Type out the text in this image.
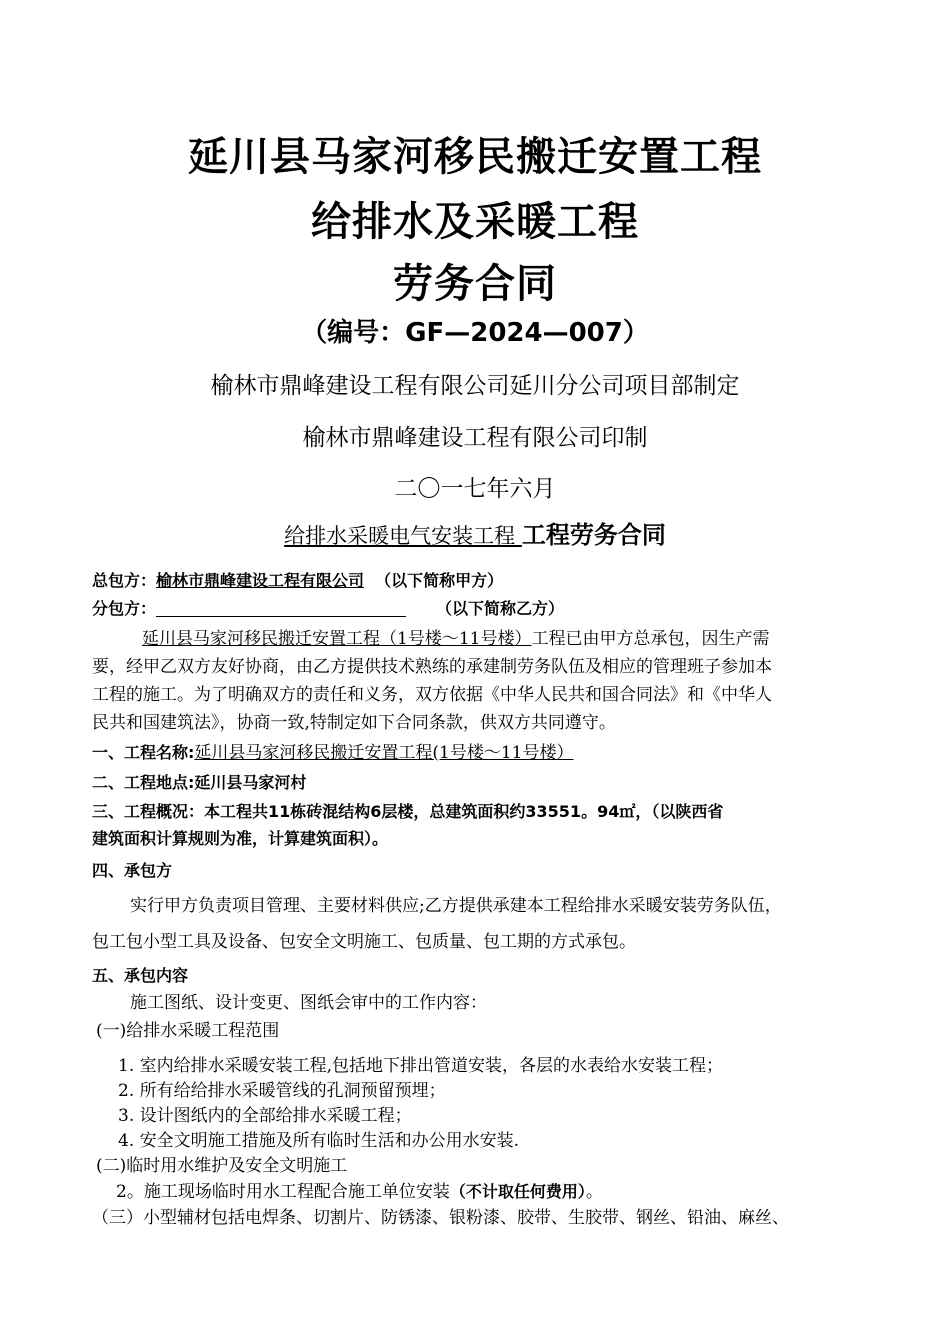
延川县马家河移民搬迁安置工程
给排水及采暖工程
劳务合同
（编号：GF—2024—007）
榆林市鼎峰建设工程有限公司延川分公司项目部制定
榆林市鼎峰建设工程有限公司印制
二〇一七年六月
给排水采暖电气安装工程 工程劳务合同
总包方：榆林市鼎峰建设工程有限公司 （以下简称甲方）
分包方：	（以下简称乙方）
延川县马家河移民搬迁安置工程（1号楼～11号楼）工程已由甲方总承包，因生产需
要，经甲乙双方友好协商，由乙方提供技术熟练的承建制劳务队伍及相应的管理班子参加本
工程的施工。为了明确双方的责任和义务，双方依据《中华人民共和国合同法》和《中华人
民共和国建筑法》，协商一致,特制定如下合同条款，供双方共同遵守。
一、工程名称:延川县马家河移民搬迁安置工程(1号楼～11号楼）
二、工程地点:延川县马家河村
三、工程概况：本工程共11栋砖混结构6层楼，总建筑面积约33551。94㎡，（以陕西省
建筑面积计算规则为准，计算建筑面积）。
四、承包方
实行甲方负责项目管理、主要材料供应;乙方提供承建本工程给排水采暖安装劳务队伍，
包工包小型工具及设备、包安全文明施工、包质量、包工期的方式承包。
五、承包内容
施工图纸、设计变更、图纸会审中的工作内容：
(一)给排水采暖工程范围
1. 室内给排水采暖安装工程,包括地下排出管道安装，各层的水表给水安装工程；
2. 所有给给排水采暖管线的孔洞预留预埋；
3. 设计图纸内的全部给排水采暖工程；
4. 安全文明施工措施及所有临时生活和办公用水安装.
(二)临时用水维护及安全文明施工
2。施工现场临时用水工程配合施工单位安装（不计取任何费用）。
（三）小型辅材包括电焊条、切割片、防锈漆、银粉漆、胶带、生胶带、钢丝、铅油、麻丝、
